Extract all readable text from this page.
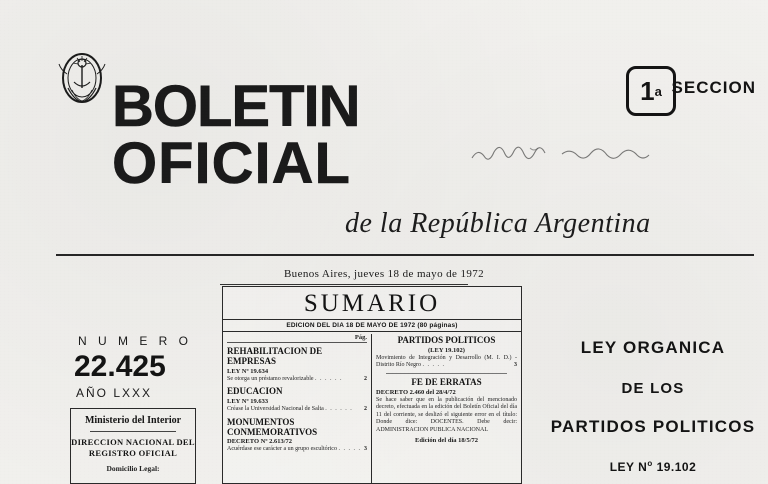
BOLETIN
OFICIAL
de la República Argentina
1 a SECCION
Buenos Aires, jueves 18 de mayo de 1972
N U M E R O
22.425
AÑO LXXX
Ministerio del Interior
DIRECCION NACIONAL DEL REGISTRO OFICIAL
Domicilio Legal:
SUMARIO
EDICION DEL DIA 18 DE MAYO DE 1972 (80 páginas)
Pág.
REHABILITACION DE EMPRESAS
LEY Nº 19.634
Se otorga un préstamo revalorizable . . . . . .	2
EDUCACION
LEY Nº 19.633
Créase la Universidad Nacional de Salta . . . . . . 2
MONUMENTOS CONMEMORATIVOS
DECRETO Nº 2.613/72
Acuérdase ese carácter a un grupo escultórico . . . . . 3
PARTIDOS POLITICOS
(LEY 19.102)
Movimiento de Integración y Desarrollo (M. I. D.) - Distrito Río Negro . . . . .	3
FE DE ERRATAS
DECRETO 2.460 del 28/4/72
Se hace saber que en la publicación del mencionado decreto, efectuada en la edición del Boletín Oficial del día 11 del corriente, se deslizó el siguiente error en el título: Donde dice: DOCENTES. Debe decir: ADMINISTRACION PUBLICA NACIONAL
Edición del día 18/5/72
LEY ORGANICA
DE LOS
PARTIDOS POLITICOS
LEY $N^o$ 19.102
